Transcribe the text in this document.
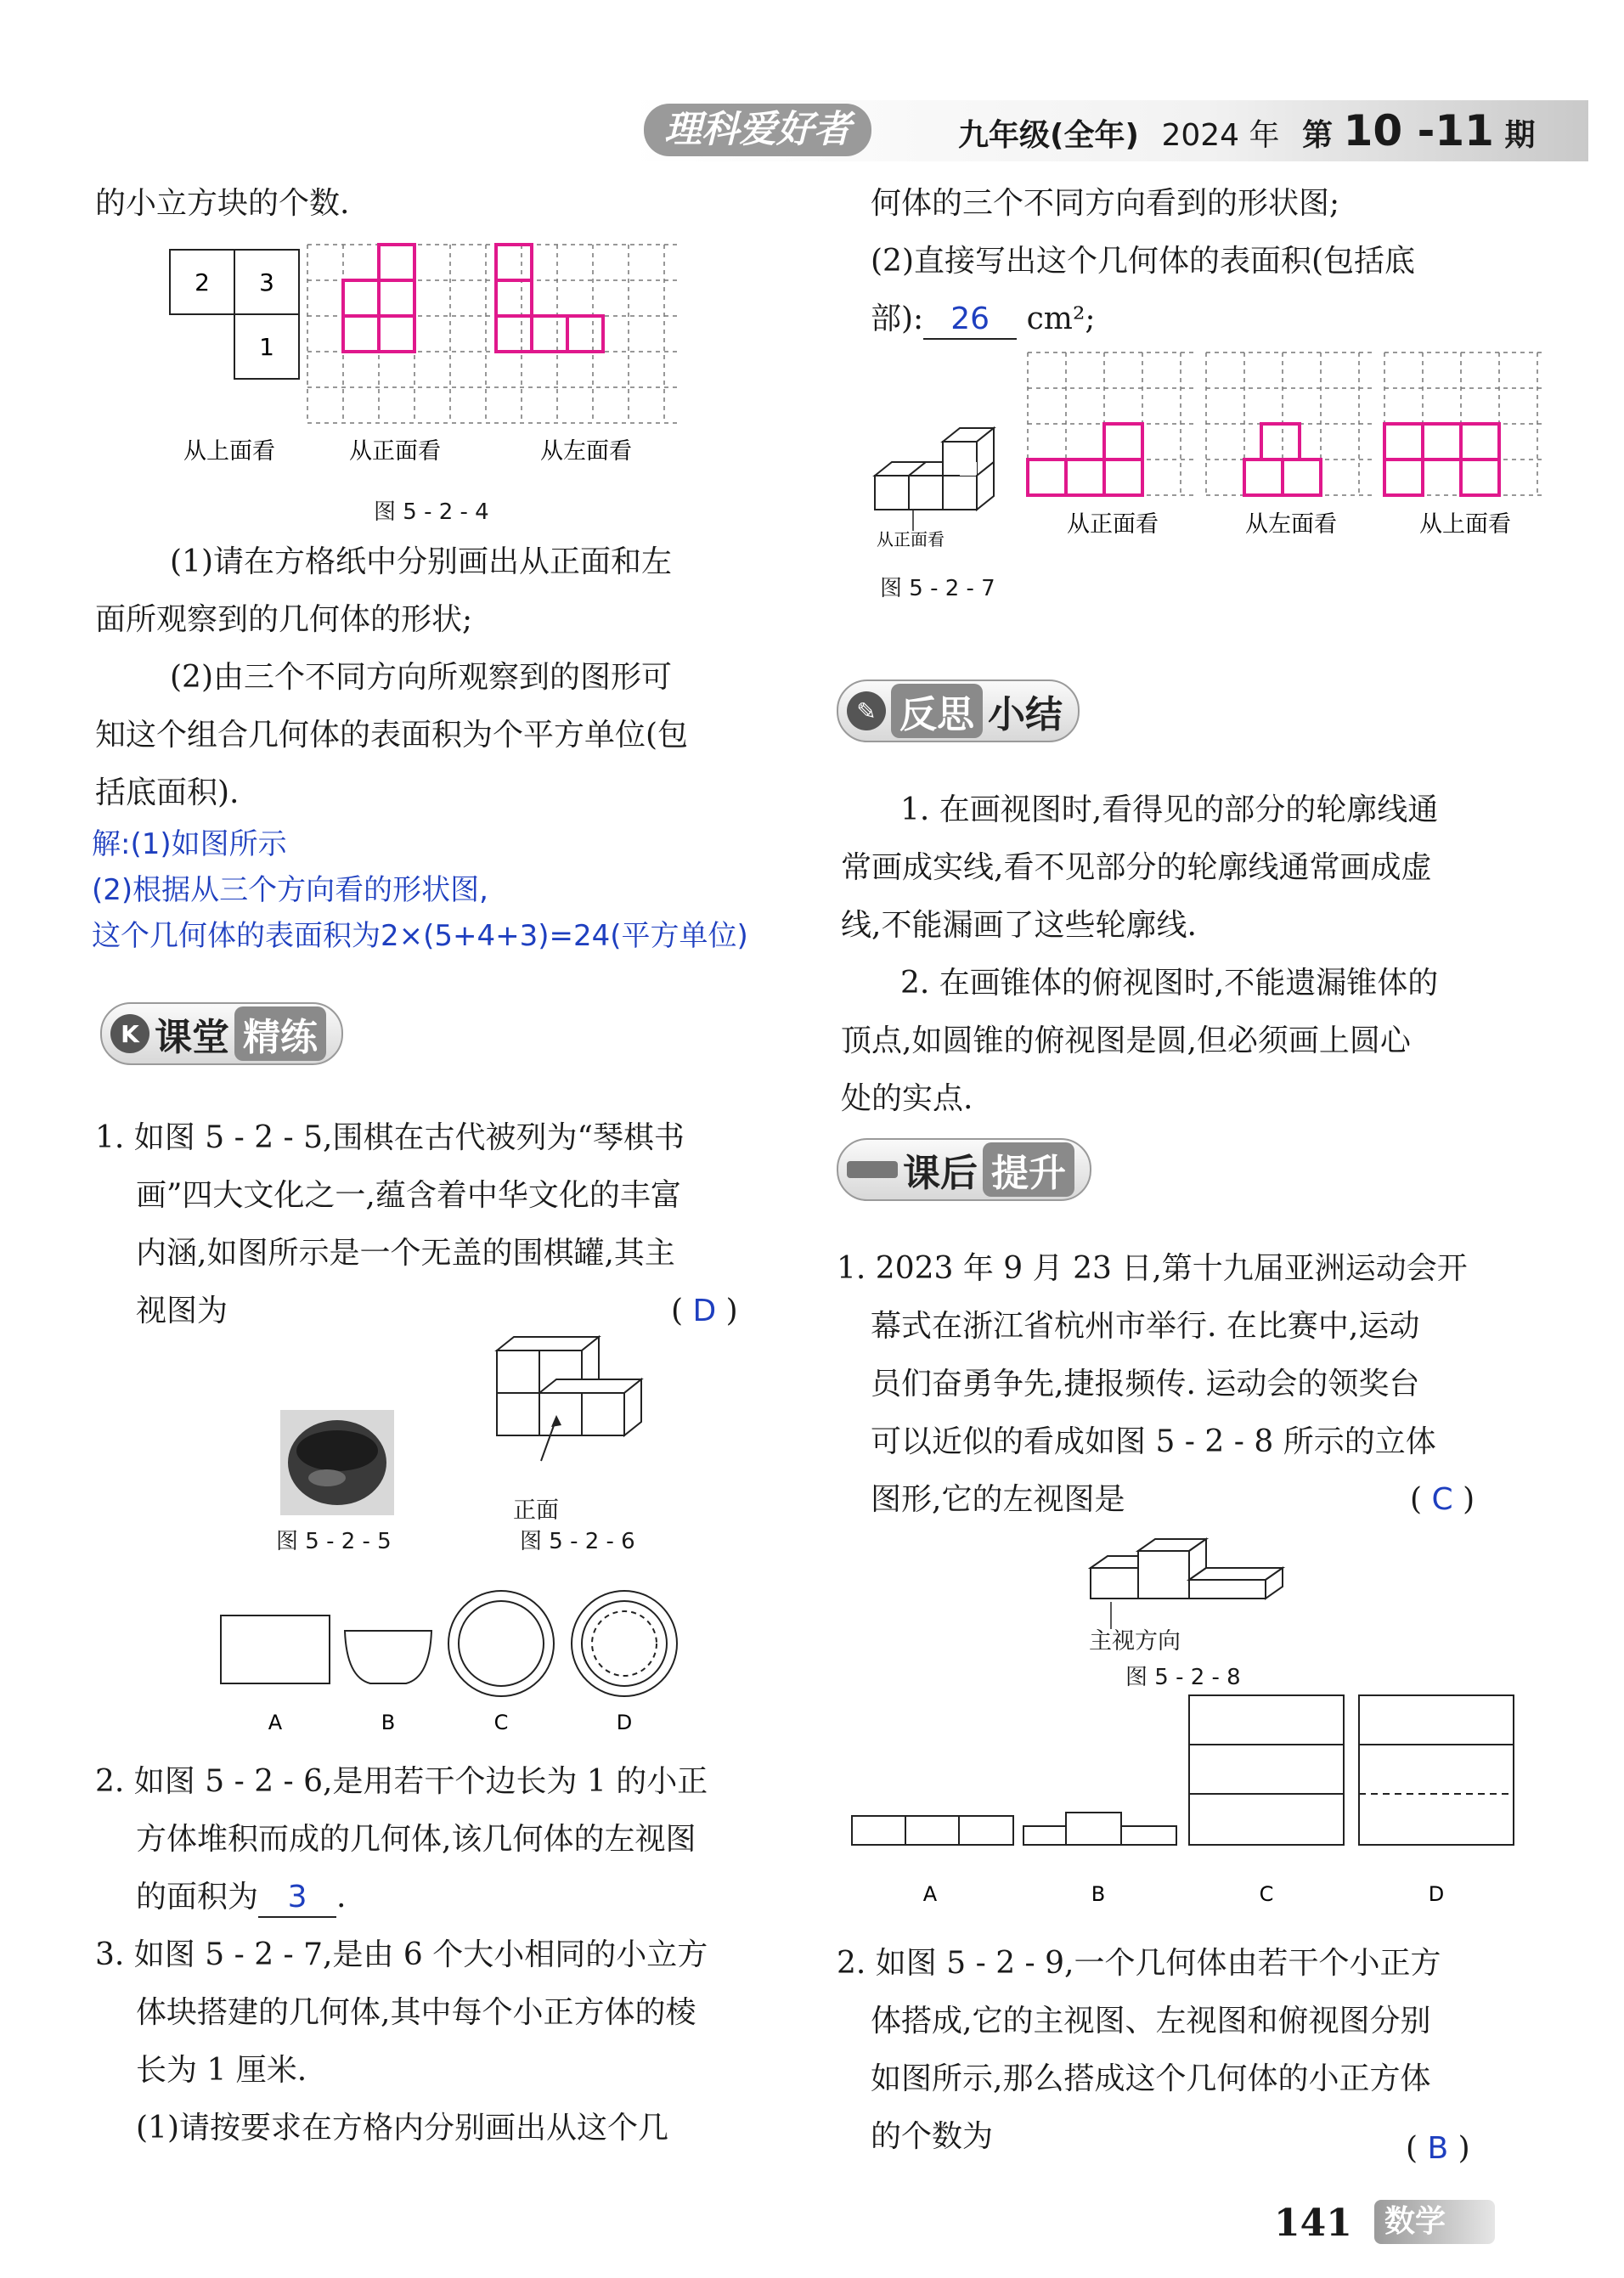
理科爱好者	九年级(全年) 2024 年 第 10 -11 期
的小立方块的个数.
2 3
1
从上面看	从正面看	从左面看
图 5 - 2 - 4
(1)请在方格纸中分别画出从正面和左
面所观察到的几何体的形状;
(2)由三个不同方向所观察到的图形可
知这个组合几何体的表面积为个平方单位(包
括底面积).
解:(1)如图所示
(2)根据从三个方向看的形状图,
这个几何体的表面积为2×(5+4+3)=24(平方单位)
K 课堂 精练
1. 如图 5 - 2 - 5,围棋在古代被列为“琴棋书
画”四大文化之一,蕴含着中华文化的丰富
内涵,如图所示是一个无盖的围棋罐,其主
视图为	( D )
图 5 - 2 - 5
正面
图 5 - 2 - 6
A	B	C	D
2. 如图 5 - 2 - 6,是用若干个边长为 1 的小正
方体堆积而成的几何体,该几何体的左视图
的面积为 3 .
3. 如图 5 - 2 - 7,是由 6 个大小相同的小立方
体块搭建的几何体,其中每个小正方体的棱
长为 1 厘米.
(1)请按要求在方格内分别画出从这个几
何体的三个不同方向看到的形状图;
(2)直接写出这个几何体的表面积(包括底
部): 26 cm²;
从正面看
从正面看	从左面看	从上面看
图 5 - 2 - 7
✎ 反思 小结
1. 在画视图时,看得见的部分的轮廓线通
常画成实线,看不见部分的轮廓线通常画成虚
线,不能漏画了这些轮廓线.
2. 在画锥体的俯视图时,不能遗漏锥体的
顶点,如圆锥的俯视图是圆,但必须画上圆心
处的实点.
课后 提升
1. 2023 年 9 月 23 日,第十九届亚洲运动会开
幕式在浙江省杭州市举行. 在比赛中,运动
员们奋勇争先,捷报频传. 运动会的领奖台
可以近似的看成如图 5 - 2 - 8 所示的立体
图形,它的左视图是	( C )
主视方向
图 5 - 2 - 8
A	B	C	D
2. 如图 5 - 2 - 9,一个几何体由若干个小正方
体搭成,它的主视图、左视图和俯视图分别
如图所示,那么搭成这个几何体的小正方体
的个数为	( B )
141	数学
